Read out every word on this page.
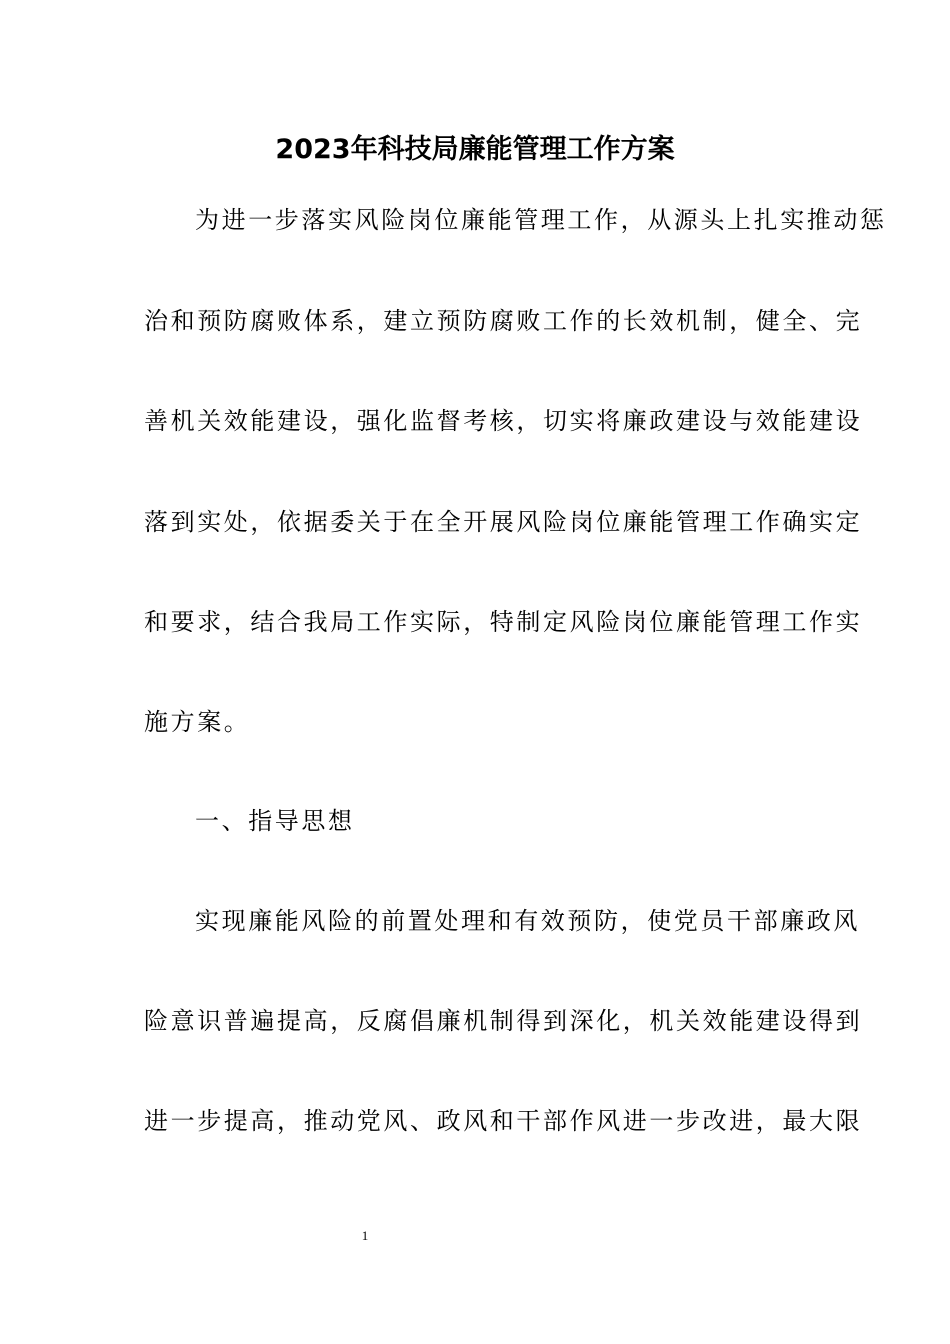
2023年科技局廉能管理工作方案
为进一步落实风险岗位廉能管理工作，从源头上扎实推动惩
治和预防腐败体系，建立预防腐败工作的长效机制，健全、完
善机关效能建设，强化监督考核，切实将廉政建设与效能建设
落到实处，依据委关于在全开展风险岗位廉能管理工作确实定
和要求，结合我局工作实际，特制定风险岗位廉能管理工作实
施方案。
一、指导思想
实现廉能风险的前置处理和有效预防，使党员干部廉政风
险意识普遍提高，反腐倡廉机制得到深化，机关效能建设得到
进一步提高，推动党风、政风和干部作风进一步改进，最大限
1
